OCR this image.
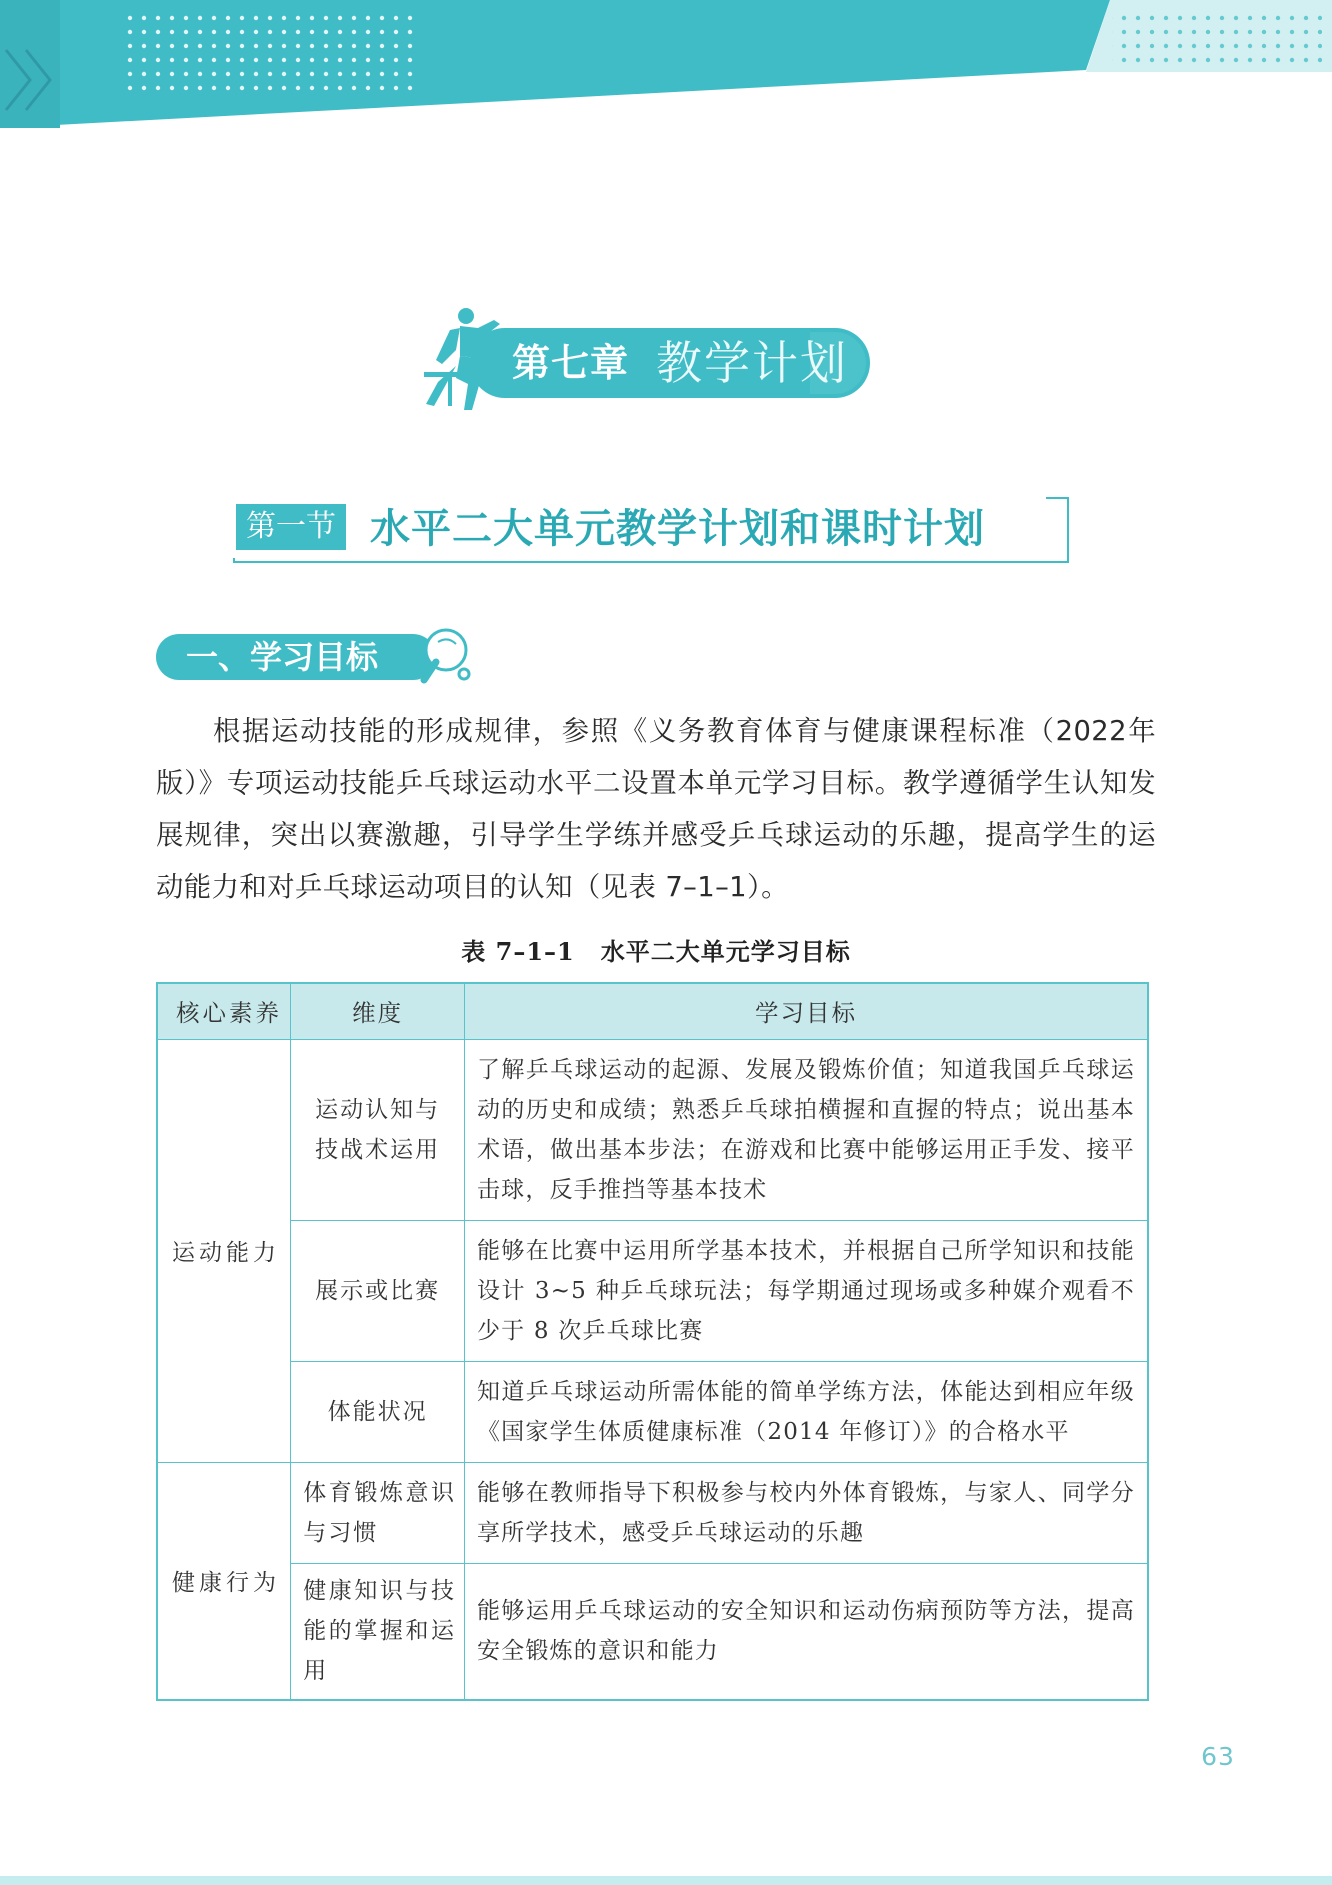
第七章 教学计划
第一节 水平二大单元教学计划和课时计划
一、学习目标

根据运动技能的形成规律，参照《义务教育体育与健康课程标准（2022年版）》专项运动技能乒乓球运动水平二设置本单元学习目标。教学遵循学生认知发展规律，突出以赛激趣，引导学生学练并感受乒乓球运动的乐趣，提高学生的运动能力和对乒乓球运动项目的认知（见表 7–1–1）。

表 7–1–1 水平二大单元学习目标
核心素养	维度	学习目标
运动能力	运动认知与技战术运用	了解乒乓球运动的起源、发展及锻炼价值；知道我国乒乓球运动的历史和成绩；熟悉乒乓球拍横握和直握的特点；说出基本术语，做出基本步法；在游戏和比赛中能够运用正手发、接平击球，反手推挡等基本技术
	展示或比赛	能够在比赛中运用所学基本技术，并根据自己所学知识和技能设计 3~5 种乒乓球玩法；每学期通过现场或多种媒介观看不少于 8 次乒乓球比赛
	体能状况	知道乒乓球运动所需体能的简单学练方法，体能达到相应年级《国家学生体质健康标准（2014 年修订）》的合格水平
健康行为	体育锻炼意识与习惯	能够在教师指导下积极参与校内外体育锻炼，与家人、同学分享所学技术，感受乒乓球运动的乐趣
	健康知识与技能的掌握和运用	能够运用乒乓球运动的安全知识和运动伤病预防等方法，提高安全锻炼的意识和能力
63
